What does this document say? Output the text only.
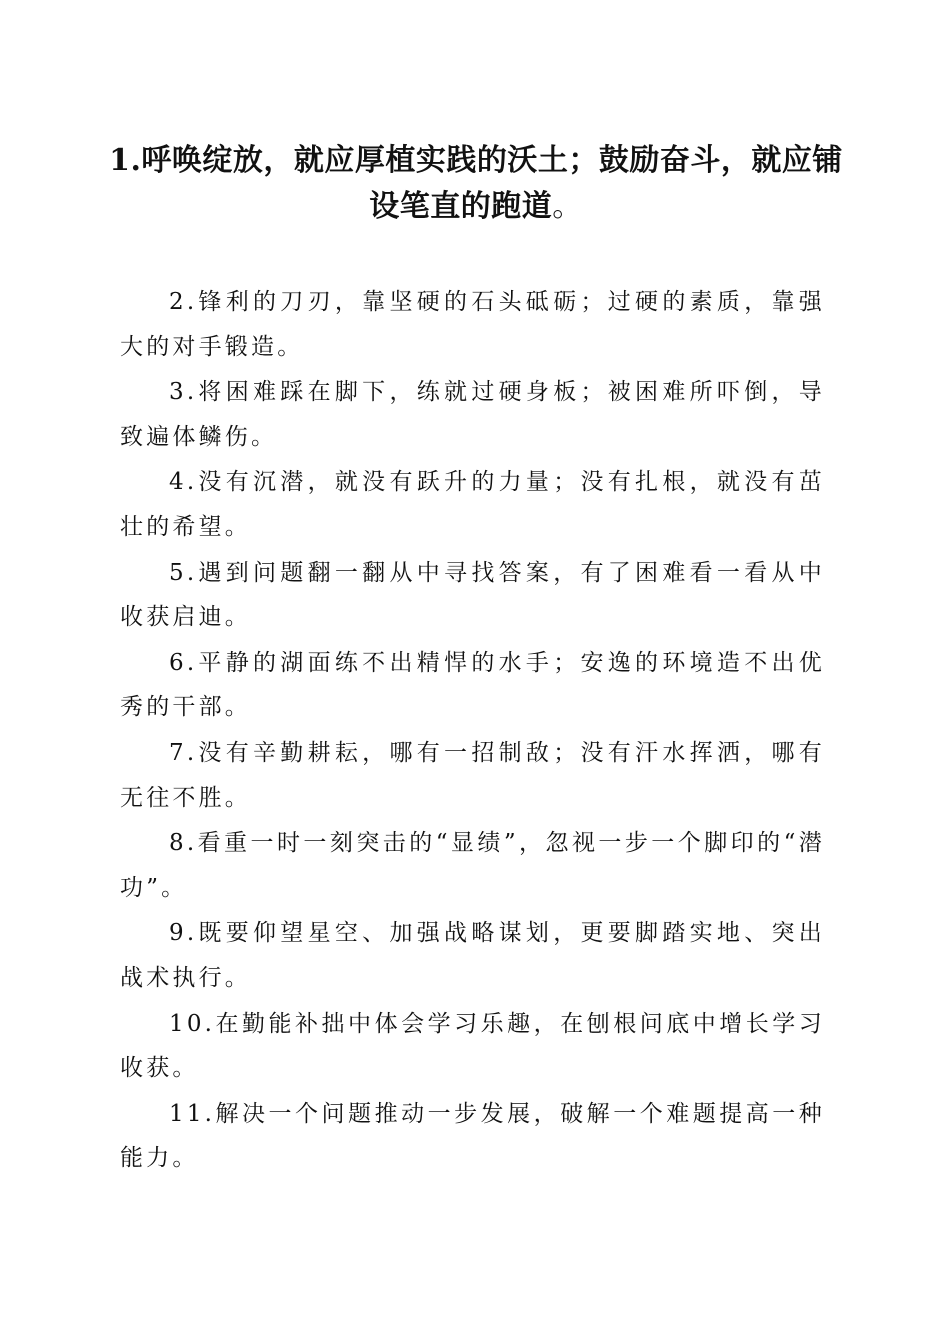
1.呼唤绽放，就应厚植实践的沃土；鼓励奋斗，就应铺设笔直的跑道。

2.锋利的刀刃，靠坚硬的石头砥砺；过硬的素质，靠强大的对手锻造。

3.将困难踩在脚下，练就过硬身板；被困难所吓倒，导致遍体鳞伤。

4.没有沉潜，就没有跃升的力量；没有扎根，就没有茁壮的希望。

5.遇到问题翻一翻从中寻找答案，有了困难看一看从中收获启迪。

6.平静的湖面练不出精悍的水手；安逸的环境造不出优秀的干部。

7.没有辛勤耕耘，哪有一招制敌；没有汗水挥洒，哪有无往不胜。

8.看重一时一刻突击的“显绩”，忽视一步一个脚印的“潜功”。

9.既要仰望星空、加强战略谋划，更要脚踏实地、突出战术执行。

10.在勤能补拙中体会学习乐趣，在刨根问底中增长学习收获。

11.解决一个问题推动一步发展，破解一个难题提高一种能力。
